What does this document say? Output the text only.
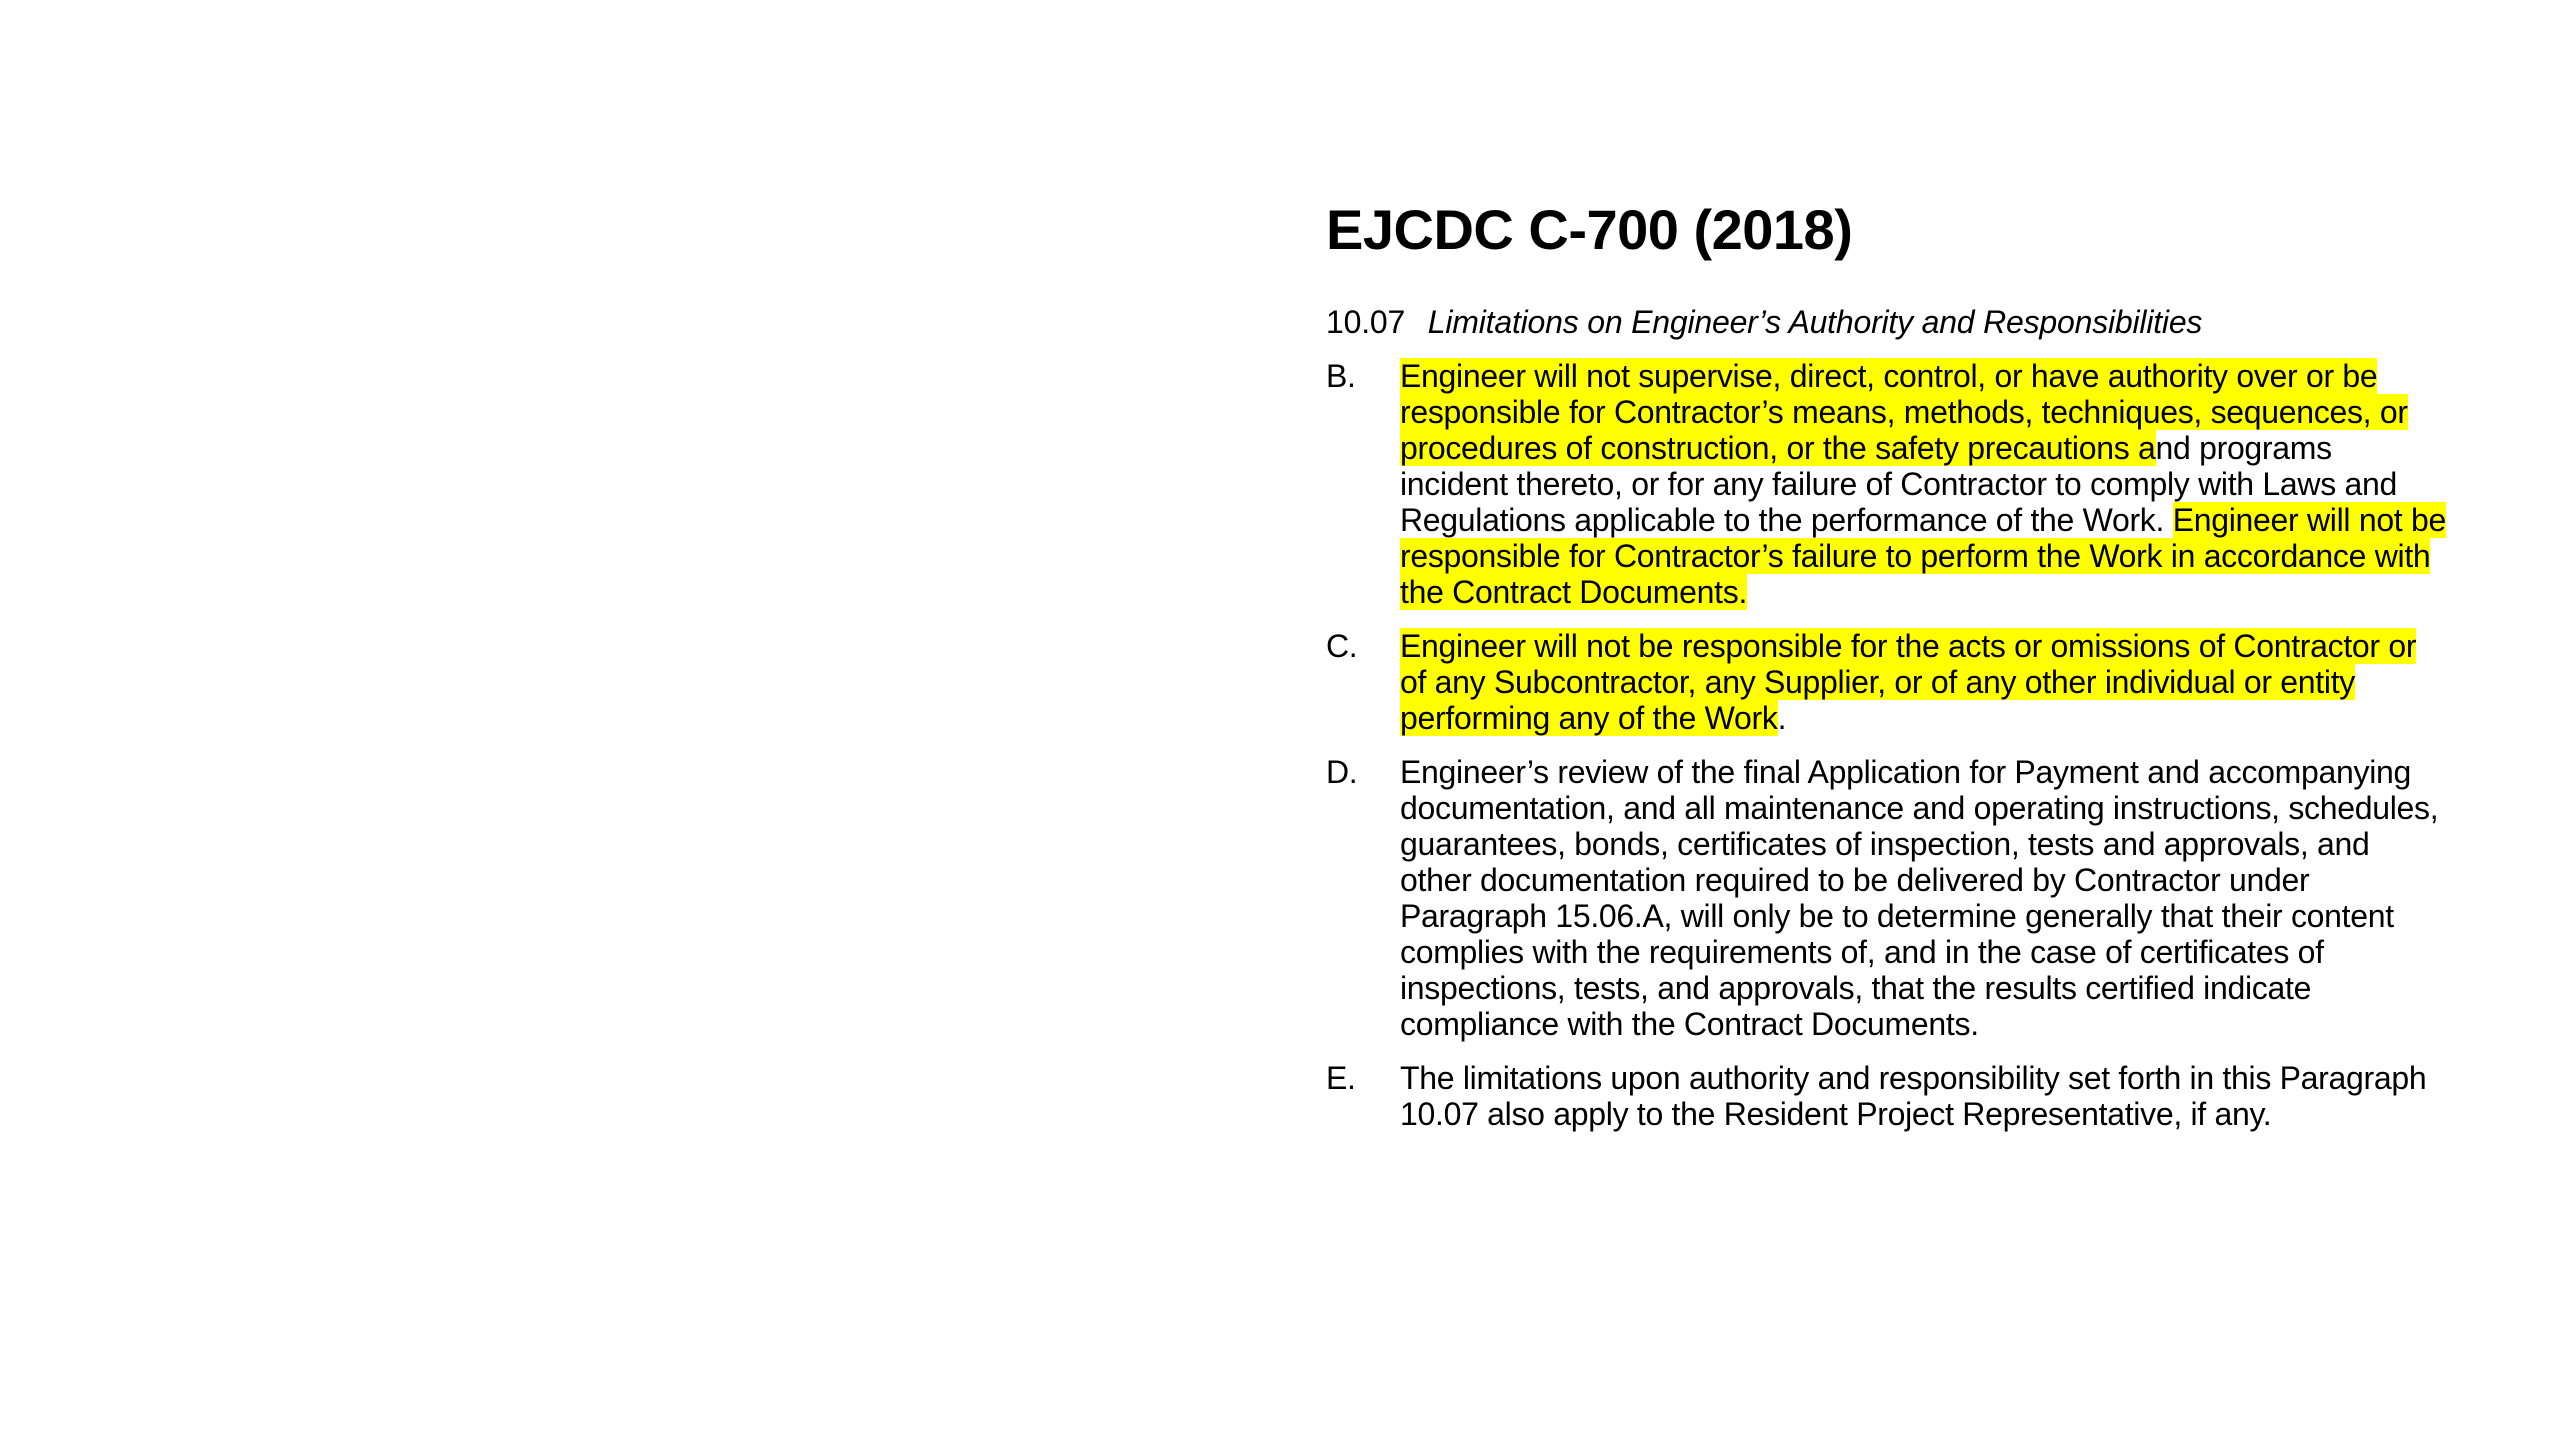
EJCDC C-700 (2018)
10.07 Limitations on Engineer’s Authority and Responsibilities
B.	Engineer will not supervise, direct, control, or have authority over or be responsible for Contractor’s means, methods, techniques, sequences, or procedures of construction, or the safety precautions and programs incident thereto, or for any failure of Contractor to comply with Laws and Regulations applicable to the performance of the Work. Engineer will not be responsible for Contractor’s failure to perform the Work in accordance with the Contract Documents.
C.	Engineer will not be responsible for the acts or omissions of Contractor or of any Subcontractor, any Supplier, or of any other individual or entity performing any of the Work.
D.	Engineer’s review of the final Application for Payment and accompanying documentation, and all maintenance and operating instructions, schedules, guarantees, bonds, certificates of inspection, tests and approvals, and other documentation required to be delivered by Contractor under Paragraph 15.06.A, will only be to determine generally that their content complies with the requirements of, and in the case of certificates of inspections, tests, and approvals, that the results certified indicate compliance with the Contract Documents.
E.	The limitations upon authority and responsibility set forth in this Paragraph 10.07 also apply to the Resident Project Representative, if any.
